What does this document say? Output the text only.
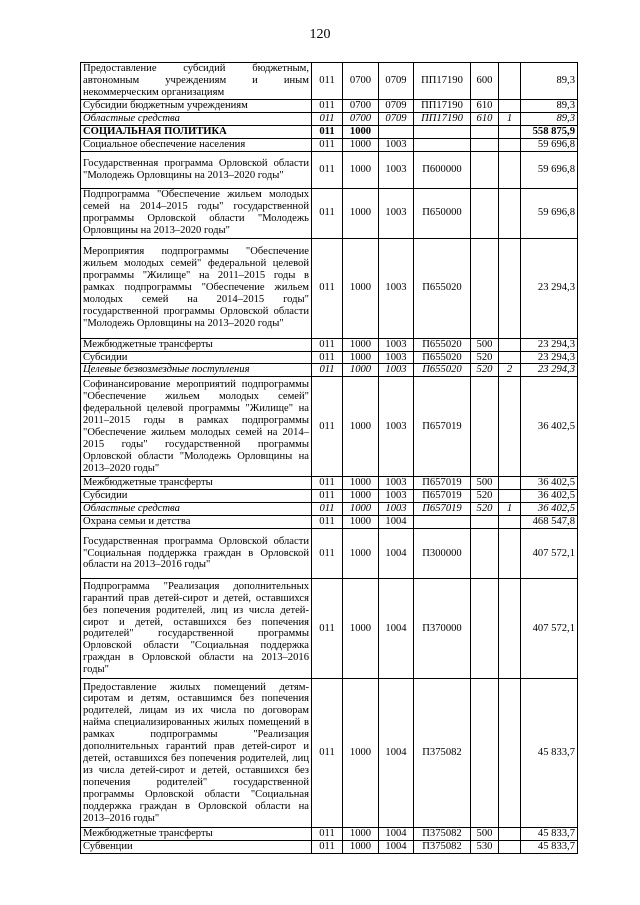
120
Предоставление субсидий бюджетным, автономным учреждениям и иным некоммерческим организациям	011	0700	0709	ПП17190	600		89,3
Субсидии бюджетным учреждениям	011	0700	0709	ПП17190	610		89,3
Областные средства	011	0700	0709	ПП17190	610	1	89,3
СОЦИАЛЬНАЯ ПОЛИТИКА	011	1000					558 875,9
Социальное обеспечение населения	011	1000	1003				59 696,8
Государственная программа Орловской области "Молодежь Орловщины на 2013–2020 годы"	011	1000	1003	П600000			59 696,8
Подпрограмма "Обеспечение жильем молодых семей на 2014–2015 годы" государственной программы Орловской области "Молодежь Орловщины на 2013–2020 годы"	011	1000	1003	П650000			59 696,8
Мероприятия подпрограммы "Обеспечение жильем молодых семей" федеральной целевой программы "Жилище" на 2011–2015 годы в рамках подпрограммы "Обеспечение жильем молодых семей на 2014–2015 годы" государственной программы Орловской области "Молодежь Орловщины на 2013–2020 годы"	011	1000	1003	П655020			23 294,3
Межбюджетные трансферты	011	1000	1003	П655020	500		23 294,3
Субсидии	011	1000	1003	П655020	520		23 294,3
Целевые безвозмездные поступления	011	1000	1003	П655020	520	2	23 294,3
Софинансирование мероприятий подпрограммы "Обеспечение жильем молодых семей" федеральной целевой программы "Жилище" на 2011–2015 годы в рамках подпрограммы "Обеспечение жильем молодых семей на 2014–2015 годы" государственной программы Орловской области "Молодежь Орловщины на 2013–2020 годы"	011	1000	1003	П657019			36 402,5
Межбюджетные трансферты	011	1000	1003	П657019	500		36 402,5
Субсидии	011	1000	1003	П657019	520		36 402,5
Областные средства	011	1000	1003	П657019	520	1	36 402,5
Охрана семьи и детства	011	1000	1004				468 547,8
Государственная программа Орловской области "Социальная поддержка граждан в Орловской области на 2013–2016 годы"	011	1000	1004	П300000			407 572,1
Подпрограмма "Реализация дополнительных гарантий прав детей-сирот и детей, оставшихся без попечения родителей, лиц из числа детей-сирот и детей, оставшихся без попечения родителей" государственной программы Орловской области "Социальная поддержка граждан в Орловской области на 2013–2016 годы"	011	1000	1004	П370000			407 572,1
Предоставление жилых помещений детям-сиротам и детям, оставшимся без попечения родителей, лицам из их числа по договорам найма специализированных жилых помещений в рамках подпрограммы "Реализация дополнительных гарантий прав детей-сирот и детей, оставшихся без попечения родителей, лиц из числа детей-сирот и детей, оставшихся без попечения родителей" государственной программы Орловской области "Социальная поддержка граждан в Орловской области на 2013–2016 годы"	011	1000	1004	П375082			45 833,7
Межбюджетные трансферты	011	1000	1004	П375082	500		45 833,7
Субвенции	011	1000	1004	П375082	530		45 833,7
